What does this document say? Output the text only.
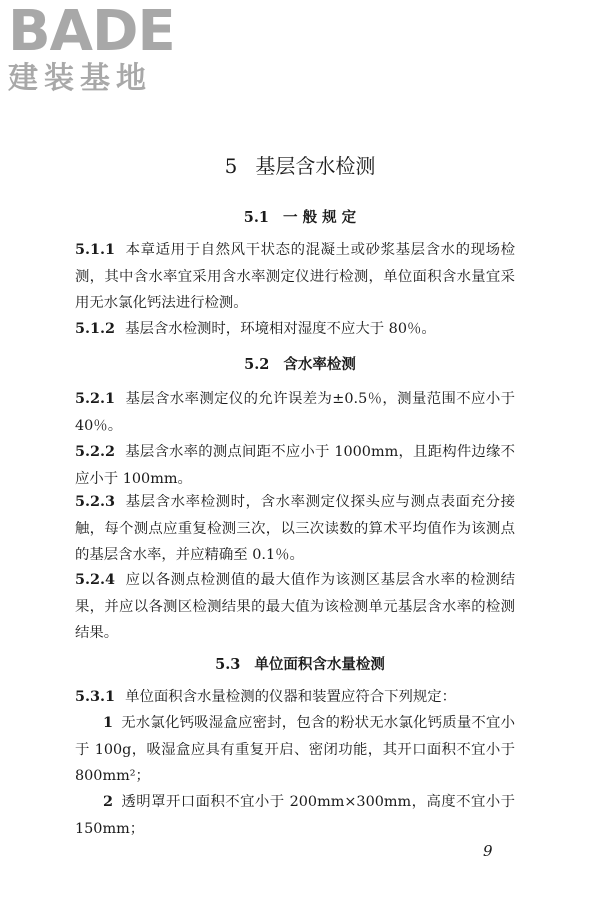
BADE
建装基地
5 基层含水检测
5.1 一 般 规 定
5.1.1 本章适用于自然风干状态的混凝土或砂浆基层含水的现场检测，其中含水率宜采用含水率测定仪进行检测，单位面积含水量宜采用无水氯化钙法进行检测。
5.1.2 基层含水检测时，环境相对湿度不应大于 80％。
5.2 含水率检测
5.2.1 基层含水率测定仪的允许误差为±0.5％，测量范围不应小于 40％。
5.2.2 基层含水率的测点间距不应小于 1000mm，且距构件边缘不应小于 100mm。
5.2.3 基层含水率检测时，含水率测定仪探头应与测点表面充分接触，每个测点应重复检测三次，以三次读数的算术平均值作为该测点的基层含水率，并应精确至 0.1％。
5.2.4 应以各测点检测值的最大值作为该测区基层含水率的检测结果，并应以各测区检测结果的最大值为该检测单元基层含水率的检测结果。
5.3 单位面积含水量检测
5.3.1 单位面积含水量检测的仪器和装置应符合下列规定：
1 无水氯化钙吸湿盒应密封，包含的粉状无水氯化钙质量不宜小于 100g，吸湿盒应具有重复开启、密闭功能，其开口面积不宜小于 800mm²；
2 透明罩开口面积不宜小于 200mm×300mm，高度不宜小于 150mm；
9
